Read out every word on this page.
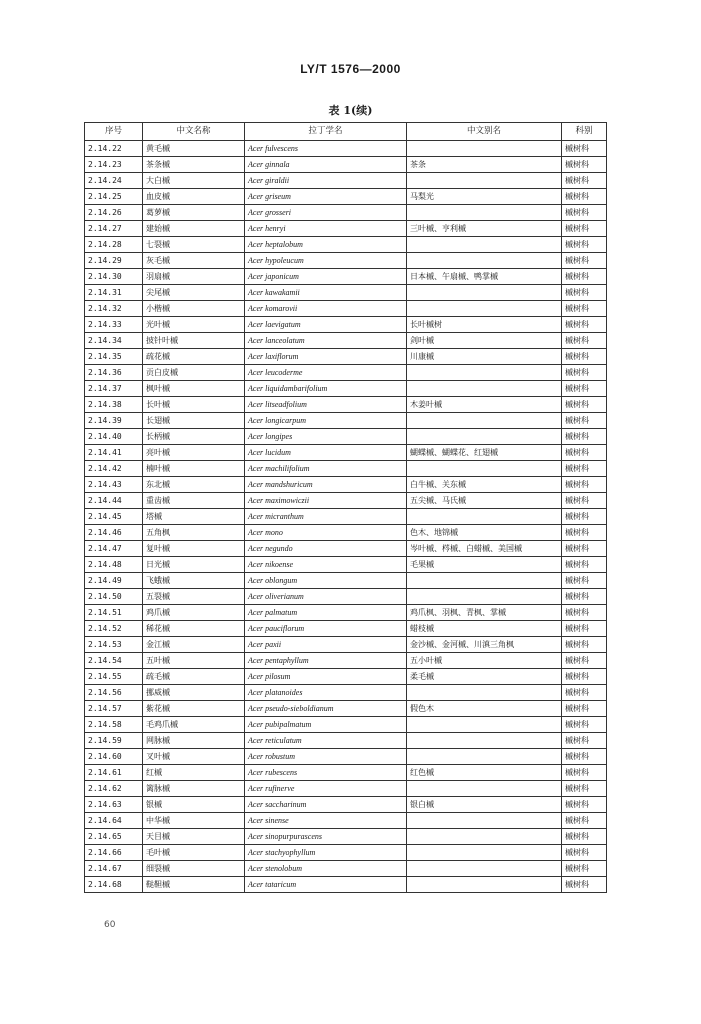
LY/T 1576—2000
表 1(续)
序号	中文名称	拉丁学名	中文别名	科别
2.14.22	黄毛槭	Acer fulvescens		槭树科
2.14.23	茶条槭	Acer ginnala	茶条	槭树科
2.14.24	大白槭	Acer giraldii		槭树科
2.14.25	血皮槭	Acer griseum	马梨光	槭树科
2.14.26	葛萝槭	Acer grosseri		槭树科
2.14.27	建始槭	Acer henryi	三叶槭、亨利槭	槭树科
2.14.28	七裂槭	Acer heptalobum		槭树科
2.14.29	灰毛槭	Acer hypoleucum		槭树科
2.14.30	羽扇槭	Acer japonicum	日本槭、午扇槭、鸭掌槭	槭树科
2.14.31	尖尾槭	Acer kawakamii		槭树科
2.14.32	小楷槭	Acer komarovii		槭树科
2.14.33	光叶槭	Acer laevigatum	长叶槭树	槭树科
2.14.34	披针叶槭	Acer lanceolatum	剑叶槭	槭树科
2.14.35	疏花槭	Acer laxiflorum	川康槭	槭树科
2.14.36	贡白皮槭	Acer leucoderme		槭树科
2.14.37	枫叶槭	Acer liquidambarifolium		槭树科
2.14.38	长叶槭	Acer litseadfolium	木姜叶槭	槭树科
2.14.39	长翅槭	Acer longicarpum		槭树科
2.14.40	长柄槭	Acer longipes		槭树科
2.14.41	亮叶槭	Acer lucidum	蝴蝶槭、蝴蝶花、红翅槭	槭树科
2.14.42	楠叶槭	Acer machilifolium		槭树科
2.14.43	东北槭	Acer mandshuricum	白牛槭、关东槭	槭树科
2.14.44	重齿槭	Acer maximowiczii	五尖槭、马氏槭	槭树科
2.14.45	塔槭	Acer micranthum		槭树科
2.14.46	五角枫	Acer mono	色木、地锦槭	槭树科
2.14.47	复叶槭	Acer negundo	岑叶槭、梣槭、白蜡槭、美国槭	槭树科
2.14.48	日光槭	Acer nikoense	毛果槭	槭树科
2.14.49	飞蛾槭	Acer oblongum		槭树科
2.14.50	五裂槭	Acer oliverianum		槭树科
2.14.51	鸡爪槭	Acer palmatum	鸡爪枫、羽枫、青枫、掌槭	槭树科
2.14.52	稀花槭	Acer pauciflorum	蜡枝槭	槭树科
2.14.53	金江槭	Acer paxii	金沙槭、金河槭、川滇三角枫	槭树科
2.14.54	五叶槭	Acer pentaphyllum	五小叶槭	槭树科
2.14.55	疏毛槭	Acer pilosum	柔毛槭	槭树科
2.14.56	挪威槭	Acer platanoides		槭树科
2.14.57	紫花槭	Acer pseudo-sieboldianum	假色木	槭树科
2.14.58	毛鸡爪槭	Acer pubipalmatum		槭树科
2.14.59	网脉槭	Acer reticulatum		槭树科
2.14.60	叉叶槭	Acer robustum		槭树科
2.14.61	红槭	Acer rubescens	红色槭	槭树科
2.14.62	篱脉槭	Acer rufinerve		槭树科
2.14.63	银槭	Acer saccharinum	银白槭	槭树科
2.14.64	中华槭	Acer sinense		槭树科
2.14.65	天目槭	Acer sinopurpurascens		槭树科
2.14.66	毛叶槭	Acer stachyophyllum		槭树科
2.14.67	细裂槭	Acer stenolobum		槭树科
2.14.68	鞑靼槭	Acer tataricum		槭树科
60
